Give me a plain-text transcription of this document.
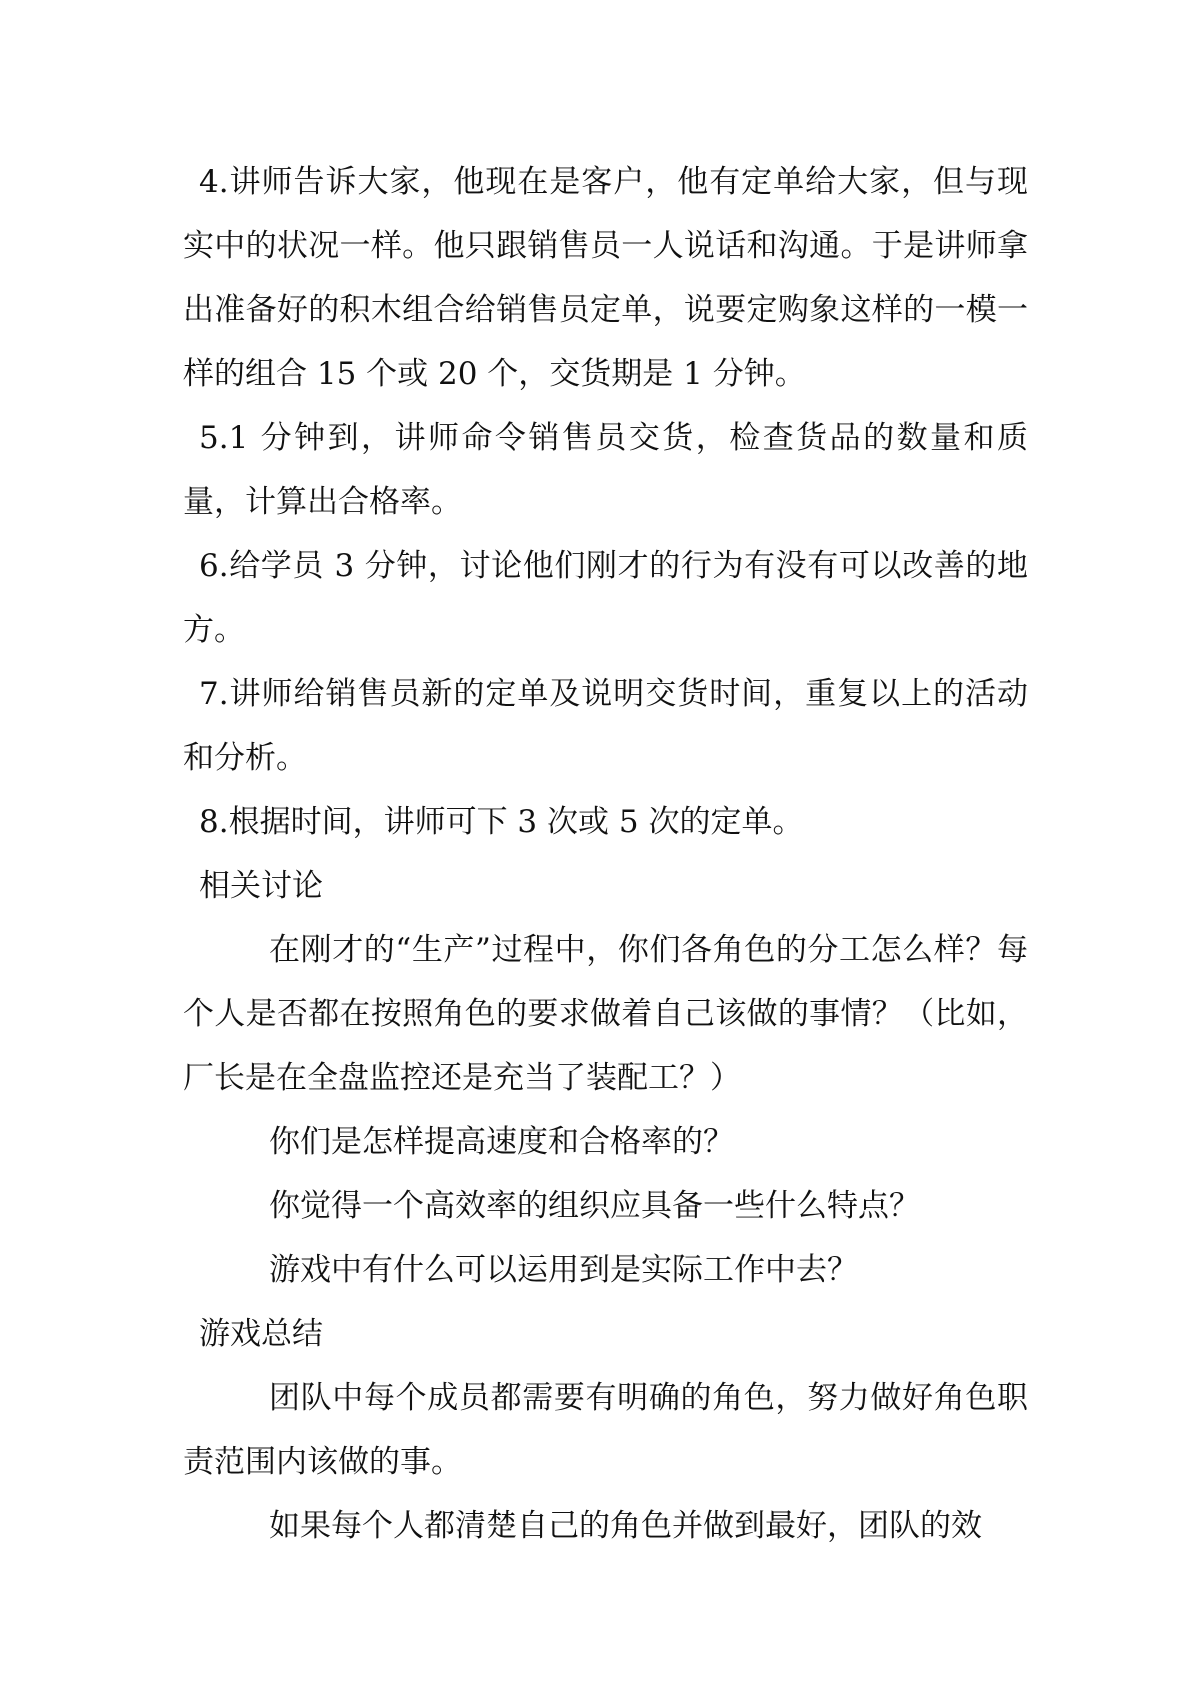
4.讲师告诉大家，他现在是客户，他有定单给大家，但与现实中的状况一样。他只跟销售员一人说话和沟通。于是讲师拿出准备好的积木组合给销售员定单，说要定购象这样的一模一样的组合 15 个或 20 个，交货期是 1 分钟。

5.1 分钟到，讲师命令销售员交货，检查货品的数量和质量，计算出合格率。

6.给学员 3 分钟，讨论他们刚才的行为有没有可以改善的地方。

7.讲师给销售员新的定单及说明交货时间，重复以上的活动和分析。

8.根据时间，讲师可下 3 次或 5 次的定单。

相关讨论

在刚才的“生产”过程中，你们各角色的分工怎么样？每个人是否都在按照角色的要求做着自己该做的事情？（比如，厂长是在全盘监控还是充当了装配工？）

你们是怎样提高速度和合格率的？

你觉得一个高效率的组织应具备一些什么特点？

游戏中有什么可以运用到是实际工作中去？

游戏总结

团队中每个成员都需要有明确的角色，努力做好角色职责范围内该做的事。

如果每个人都清楚自己的角色并做到最好，团队的效
